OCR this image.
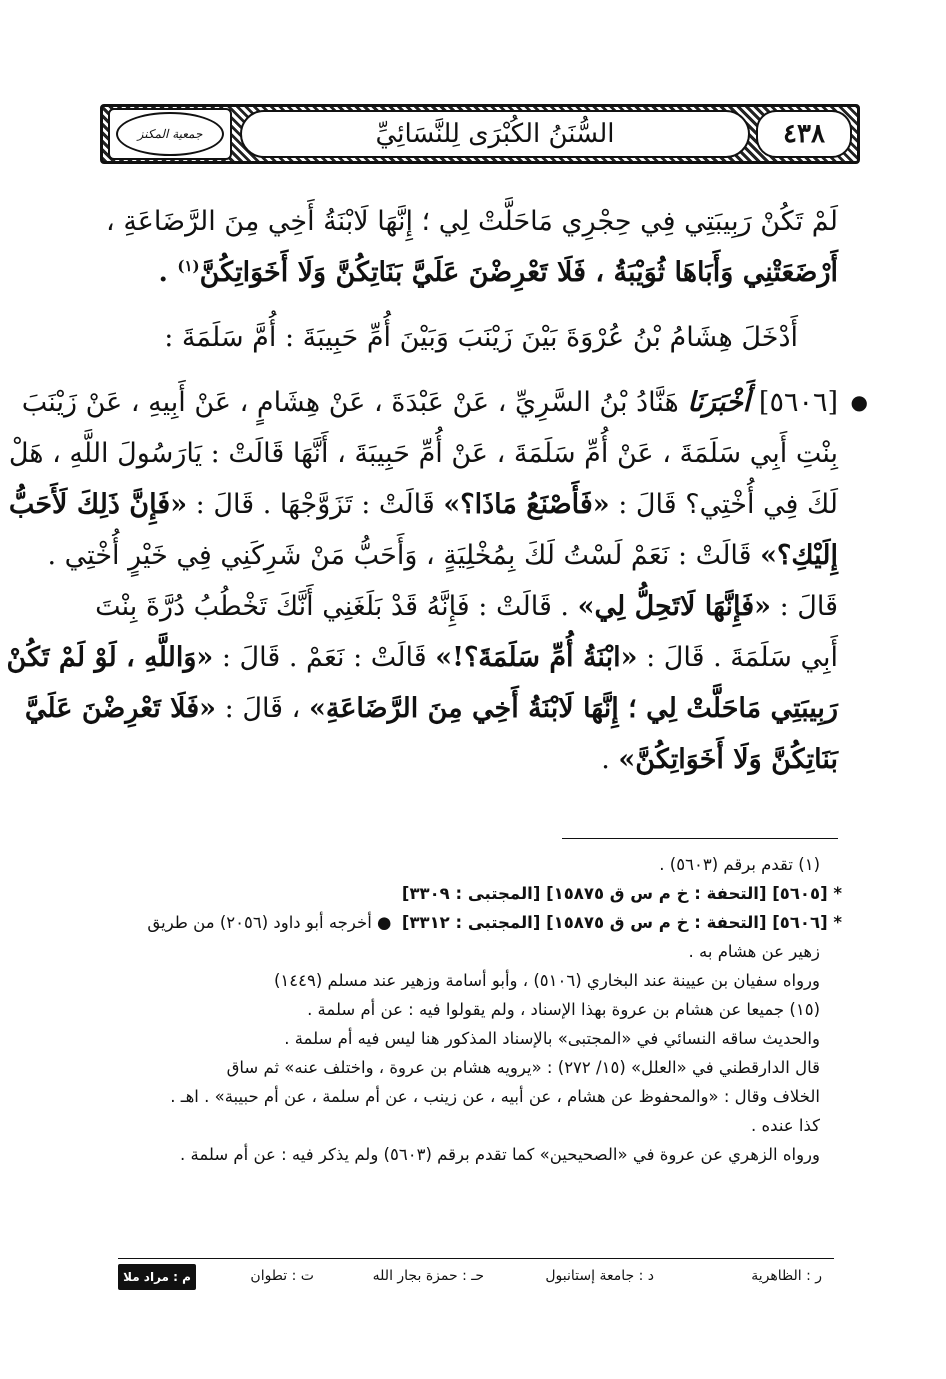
٤٣٨
السُّنَنُ الكُبْرَى لِلنَّسَائِيِّ
جمعية المكنز
لَمْ تَكُنْ رَبِيبَتِي فِي حِجْرِي مَاحَلَّتْ لِي ؛ إِنَّهَا لَابْنَةُ أَخِي مِنَ الرَّضَاعَةِ ،
أَرْضَعَتْنِي وَأَبَاهَا ثُوَيْبَةُ ، فَلَا تَعْرِضْنَ عَلَيَّ بَنَاتِكُنَّ وَلَا أَخَوَاتِكُنَّ$^{(١)}$ .
أَدْخَلَ هِشَامُ بْنُ عُرْوَةَ بَيْنَ زَيْنَبَ وَبَيْنَ أُمِّ حَبِيبَةَ : أُمَّ سَلَمَةَ :
●
[٥٦٠٦] أَخْبَرَنَا هَنَّادُ بْنُ السَّرِيِّ ، عَنْ عَبْدَةَ ، عَنْ هِشَامٍ ، عَنْ أَبِيهِ ، عَنْ زَيْنَبَ
بِنْتِ أَبِي سَلَمَةَ ، عَنْ أُمِّ سَلَمَةَ ، عَنْ أُمِّ حَبِيبَةَ ، أَنَّهَا قَالَتْ : يَارَسُولَ اللَّهِ ، هَلْ
لَكَ فِي أُخْتِي؟ قَالَ : «فَأَصْنَعُ مَاذَا؟» قَالَتْ : تَزَوَّجْهَا . قَالَ : «فَإِنَّ ذَلِكَ لَأَحَبُّ
إِلَيْكِ؟» قَالَتْ : نَعَمْ لَسْتُ لَكَ بِمُخْلِيَةٍ ، وَأَحَبُّ مَنْ شَرِكَنِي فِي خَيْرٍ أُخْتِي .
قَالَ : «فَإِنَّهَا لَاتَحِلُّ لِي» . قَالَتْ : فَإِنَّهُ قَدْ بَلَغَنِي أَنَّكَ تَخْطُبُ دُرَّةَ بِنْتَ
أَبِي سَلَمَةَ . قَالَ : «ابْنَةُ أُمِّ سَلَمَةَ؟!» قَالَتْ : نَعَمْ . قَالَ : «وَاللَّهِ ، لَوْ لَمْ تَكُنْ
رَبِيبَتِي مَاحَلَّتْ لِي ؛ إِنَّهَا لَابْنَةُ أَخِي مِنَ الرَّضَاعَةِ» ، قَالَ : «فَلَا تَعْرِضْنَ عَلَيَّ
بَنَاتِكُنَّ وَلَا أَخَوَاتِكُنَّ» .
(١) تقدم برقم (٥٦٠٣) .
* [٥٦٠٥] [التحفة : خ م س ق ١٥٨٧٥] [المجتبى : ٣٣٠٩]
* [٥٦٠٦] [التحفة : خ م س ق ١٥٨٧٥] [المجتبى : ٣٣١٢]  ● أخرجه أبو داود (٢٠٥٦) من طريق
زهير عن هشام به .
ورواه سفيان بن عيينة عند البخاري (٥١٠٦) ، وأبو أسامة وزهير عند مسلم (١٤٤٩)
(١٥) جميعا عن هشام بن عروة بهذا الإسناد ، ولم يقولوا فيه : عن أم سلمة .
والحديث ساقه النسائي في «المجتبى» بالإسناد المذكور هنا ليس فيه أم سلمة .
قال الدارقطني في «العلل» (١٥/ ٢٧٢) : «يرويه هشام بن عروة ، واختلف عنه» ثم ساق
الخلاف وقال : «والمحفوظ عن هشام ، عن أبيه ، عن زينب ، عن أم سلمة ، عن أم حبيبة» . اهـ .
كذا عنده .
ورواه الزهري عن عروة في «الصحيحين» كما تقدم برقم (٥٦٠٣) ولم يذكر فيه : عن أم سلمة .
ر : الظاهرية
د : جامعة إستانبول
حـ : حمزة بجار الله
ت : تطوان
م : مراد ملا
